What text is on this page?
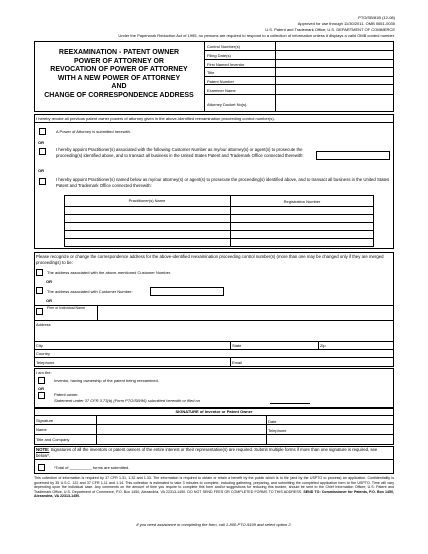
PTO/SB/81B (12-08)
Approved for use through 11/30/2011. OMB 0651-0035
U.S. Patent and Trademark Office; U.S. DEPARTMENT OF COMMERCE
Under the Paperwork Reduction Act of 1995, no persons are required to respond to a collection of information unless it displays a valid OMB control number.
REEXAMINATION - PATENT OWNER
POWER OF ATTORNEY OR
REVOCATION OF POWER OF ATTORNEY
WITH A NEW POWER OF ATTORNEY
AND
CHANGE OF CORRESPONDENCE ADDRESS
Control Number(s)
Filing Date(s)
First Named Inventor
Title
Patent Number
Examiner Name
Attorney Docket No(s).
I hereby revoke all previous patent owner powers of attorney given in the above-identified reexamination proceeding control number(s).
A Power of Attorney is submitted herewith.
OR
I hereby appoint Practitioner(s) associated with the following Customer Number as my/our attorney(s) or agent(s) to prosecute the proceeding(s) identified above, and to transact all business in the United States Patent and Trademark Office connected therewith:
OR
I hereby appoint Practitioner(s) named below as my/our attorney(s) or agent(s) to prosecute the proceeding(s) identified above, and to transact all business in the United States Patent and Trademark Office connected therewith:
Practitioner(s) Name	Registration Number
Please recognize or change the correspondence address for the above-identified reexamination proceeding control number(s) (more than one may be changed only if they are merged proceedings) to be:
The address associated with the above-mentioned Customer Number.
OR
The address associated with Customer Number:
OR
Firm or Individual Name
Address
City	State	Zip
Country
Telephone	Email
I am the:
Inventor, having ownership of the patent being reexamined.
OR
Patent owner.
Statement under 37 CFR 3.73(b) (Form PTO/SB/96) submitted herewith or filed on
SIGNATURE of Inventor or Patent Owner
Signature	Date
Name	Telephone
Title and Company
NOTE: Signatures of all the inventors or patent owners of the entire interest or their representative(s) are required. Submit multiple forms if more than one signature is required, see below*.
*Total of __________ forms are submitted.
This collection of information is required by 37 CFR 1.31, 1.32 and 1.33. The information is required to obtain or retain a benefit by the public which is to file (and by the USPTO to process) an application. Confidentiality is governed by 35 U.S.C. 122 and 37 CFR 1.11 and 1.14. This collection is estimated to take 3 minutes to complete, including gathering, preparing, and submitting the completed application form to the USPTO. Time will vary depending upon the individual case. Any comments on the amount of time you require to complete this form and/or suggestions for reducing this burden, should be sent to the Chief Information Officer, U.S. Patent and Trademark Office, U.S. Department of Commerce, P.O. Box 1450, Alexandria, VA 22313-1450. DO NOT SEND FEES OR COMPLETED FORMS TO THIS ADDRESS. SEND TO: Commissioner for Patents, P.O. Box 1450, Alexandria, VA 22313-1450.
If you need assistance in completing the form, call 1-800-PTO-9199 and select option 2.
